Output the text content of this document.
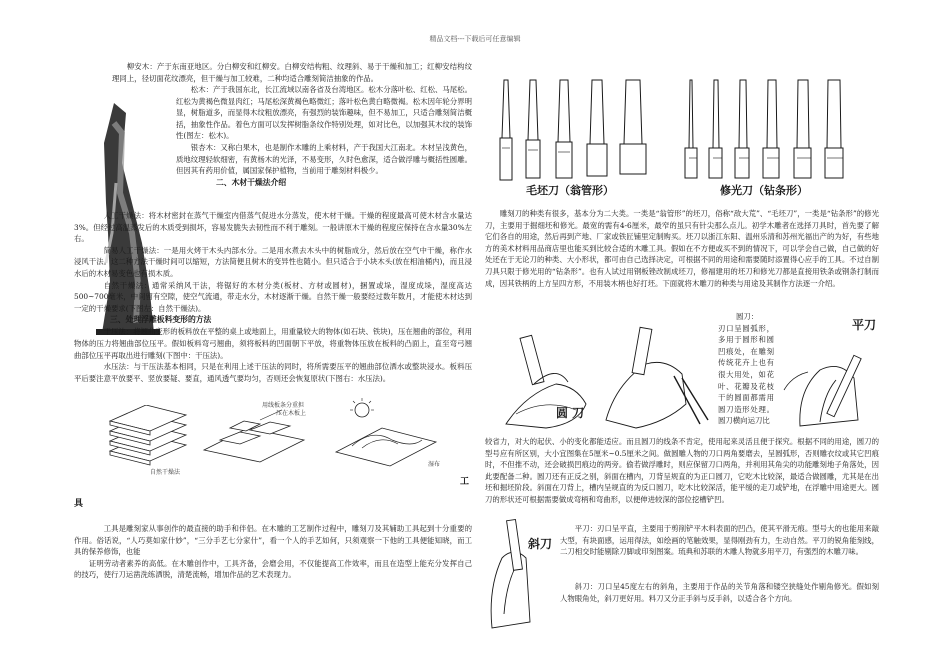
精品文档---下载后可任意编辑

柳安木：产于东南亚地区。分白柳安和红柳安。白柳安结构粗、纹理斜、易于干燥和加工；红柳安结构纹理同上，径切面花纹漂亮，但干燥与加工较难，二种均适合雕刻简洁抽象的作品。

松木：产于我国东北，长江流域以南各省及台湾地区。松木分落叶松、红松、马尾松。红松为黄褐色微显肉红；马尾松深黄褐色略微红；落叶松色黄白略微褐。松木因年轮分界明显，树脂道多，而显得木纹粗放漂亮，有强烈的装饰趣味，但不易加工，只适合雕刻简洁概括，抽象性作品。着色方面可以发挥树脂条纹作特别处理，如对比色，以加强其木纹的装饰性(图左：松木)。

银杏木：又称白果木，也是制作木雕的上乘材料，产于我国大江南北。木材呈浅黄色，质地纹理轻软细密，有黄杨木的光泽，不易变形，久时色愈深，适合做浮雕与概括性圆雕。但因其有药用价值，属国家保护植物，当前用于雕刻材料极少。

二、木材干燥法介绍

人工干燥法：将木材密封在蒸气干燥室内借蒸气促进水分蒸发，使木材干燥。干燥的程度最高可使木材含水量达3%。但经过高温蒸发后的木质受到损坏，容易发脆失去韧性而不利于雕刻。一般讲原木干燥的程度应保持在含水量30%左右。

简易人工干燥法：一是用火烤干木头内部水分。二是用水煮去木头中的树脂成分，然后放在空气中干燥，称作水浸风干法。这二种方法干燥时间可以缩短，方法简便且树木的变异性也随小。但只适合于小块木头(放在相油桶内)，而且浸水后的木材易变色也有损木质。

自然干燥法：通常采纳风干法，将锯好的木材分类(板材、方材或圆材)，捆置或垛，湿度成垛，湿度高达500~700毫米，中间留有空隙，使空气流通，带走水分，木材逐渐干燥。自然干燥一般要经过数年数月，才能使木材达到一定的干燥要求(下图左：自然干燥法)。

三、处理浮雕板料变形的方法

干压法：将翘曲变形的板料放在平整的桌上或地面上，用重量较大的物体(如石块、铁块)，压在翘曲的部位，利用物体的压力将翘曲部位压平。假如板料弯弓翘曲，须将板料的凹面朝下平放，将重物体压放在板料的凸面上，直至弯弓翘曲部位压平再取出进行雕刻(下图中：干压法)。

水压法：与干压法基本相同，只是在利用上述干压法的同时，将所需要压平的翘曲部位洒水或整块浸水。板料压平后要注意平放要平、竖放要疑、要直，通风透气要均匀，否则还会恢复原状(下图右：水压法)。

自然干燥法
用线板条分重担
压在木板上
湿布
工
具

工具是雕刻家从事创作的最直接的助手和伴侣。在木雕的工艺制作过程中，雕刻刀及其辅助工具起到十分重要的作用。俗话说，“人巧莫如家什妙”，“三分手艺七分家什”，看一个人的手艺如何，只须观察一下他的工具便能知晓，而工具的保养修饰，也能

证明劳动者素养的高低。在木雕创作中，工具齐备，会磨会用，不仅能提高工作效率，而且在造型上能充分发挥自己的技巧，使行刀运凿洗练洒脱，清楚流畅，增加作品的艺术表现力。

毛坯刀（翁管形）	修光刀（钻条形）

雕刻刀的种类有很多，基本分为二大类。一类是“翁管形”的坯刀，俗称“敌大荒”、“毛坯刀”，一类是“钻条形”的修光刀，主要用于掘细坯和修光。最宽的需有4-6厘米，最窄的虽只有针尖那么点儿。初学木雕者在选择刀具时，首先要了解它们各自的用途，然后再到产地、厂家或铁匠铺里定制购买。坯刀以浙江东阳、温州乐清和苏州光福出产的为好，有些地方的美术材料用品商店里也能买到比较合适的木雕工具。假如在不方便或买不到的情况下，可以学会自己做，自己做的好处还在于无论刀的种类、大小形状，都可由自己选择决定，可根据不同的用途和需要随时添置得心应手的工具。不过自制刀具只限于修光用的“钻条形”。也有人试过用钢板锉改制成坯刀，修福建用的坯刀和修光刀都是直接用铁条或钢条打制而成，因其铁柄的上方呈四方形，不用装木柄也好打坯。下面就将木雕刀的种类与用途及其制作方法逐一介绍。

圆 刀

圆刀：

刃口呈圆弧形，多用于圆形和圆凹痕处，在雕刻传统花卉上也有很大用处，如花叶、花瓣及花枝干的圆面都需用圆刀造形处理。圆刀横向运刀比

平刀

较省力，对大的起伏、小的变化都能适应。而且圆刀的线条不肯定，使用起来灵活且便于探究。根据不同的用途，圆刀的型号应有所区别，大小宜图集在5厘米~0.5厘米之间。做圆雕人物的刀口两角要磨去，呈圆弧形，否则雕衣纹或其它凹痕时，不但推不动，还会破损凹痕边的两旁。偷若做浮雕时，则应保留刀口两角，并利用其角尖的功能雕刻地子角落处，因此要配备二种。圆刀还有正反之别，斜面在槽内，刀背呈规直的为正口圆刀，它吃木比较深，最适合做圆雕，尤其是在出坯和掘坯阶段。斜面在刀背上，槽内呈规直的为反口圆刀，吃木比较深活，能平缓的走刀或铲地，在浮雕中用途更大。圆刀的形状还可根据需要做成弯柄和弯曲形，以便伸进较深的部位挖槽铲凹。

斜刀

平刀：刃口呈平直，主要用于剪削铲平木料表面的凹凸，使其平滑无痕。型号大的也能用来敲大型，有块面感，运用得法，如绘画的笔触效果，显得刚劲有力，生动自然。平刀的锐角能刻线，二刀相交时能剔除刀脚或印刻图案。琉典和苏联的木雕人物就多用平刀，有强烈的木雕刀味。

斜刀：刀口呈45度左右的斜角，主要用于作品的关节角落和镂空狭缝处作剔角修光。假如刻人物眼角处，斜刀更好用。料刀又分正手斜与反手斜，以适合各个方向。
